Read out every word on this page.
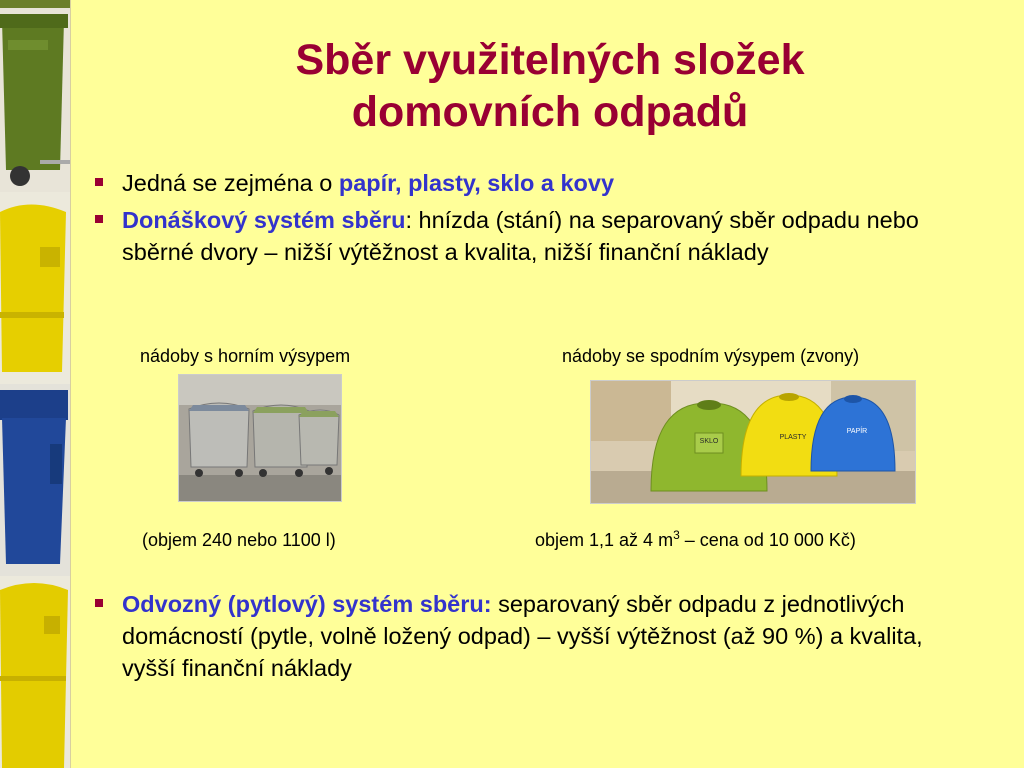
Sběr využitelných složek
domovních odpadů
Jedná se zejména o papír, plasty, sklo a kovy
Donáškový systém sběru: hnízda (stání) na separovaný sběr odpadu nebo sběrné dvory – nižší výtěžnost a kvalita, nižší finanční náklady
nádoby s horním výsypem
(objem 240 nebo 1100 l)
nádoby se spodním výsypem (zvony)
SKLO
PLASTY
PAPÍR
objem 1,1 až 4 $m^3$ – cena od 10 000 Kč)
Odvozný (pytlový) systém sběru: separovaný sběr odpadu z jednotlivých domácností (pytle, volně ložený odpad) – vyšší výtěžnost (až 90 %) a kvalita, vyšší finanční náklady
